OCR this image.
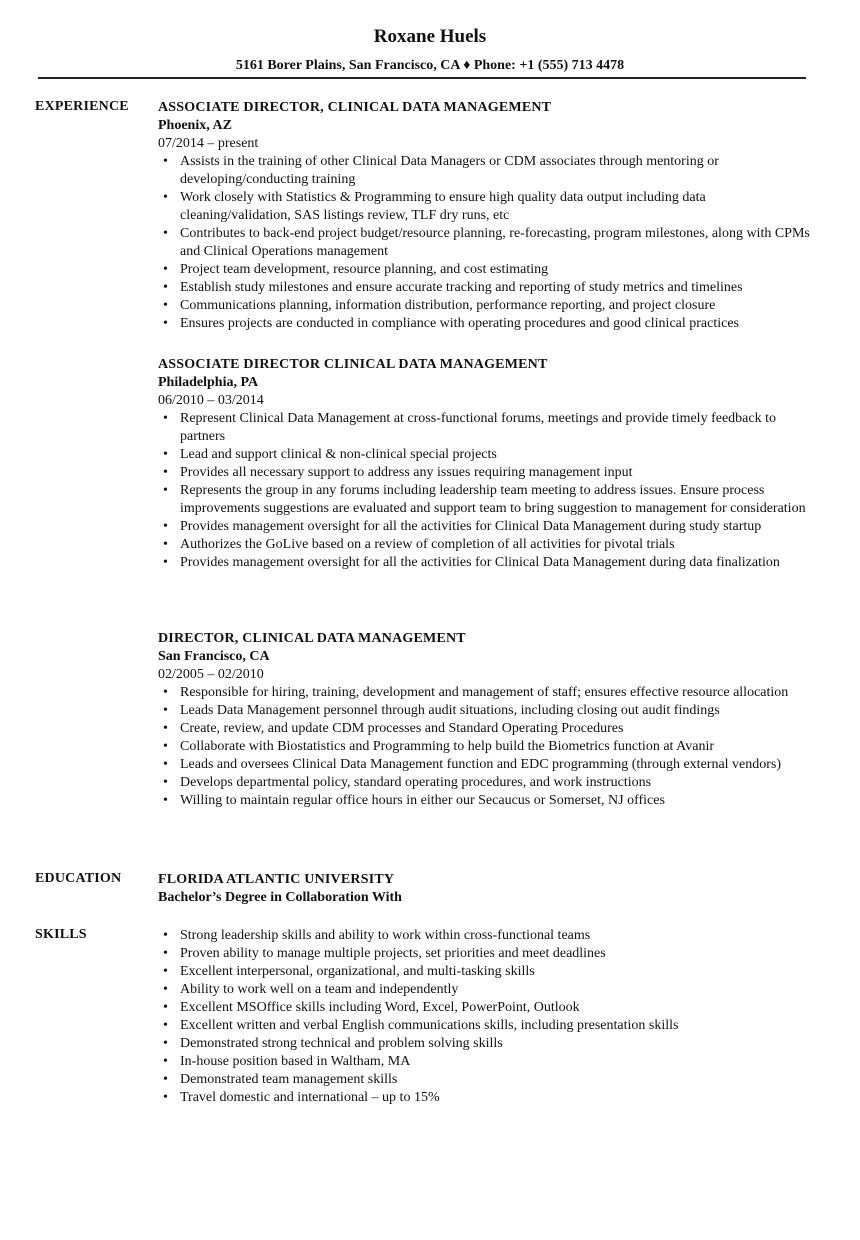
Roxane Huels
5161 Borer Plains, San Francisco, CA ♦ Phone: +1 (555) 713 4478
EXPERIENCE ASSOCIATE DIRECTOR, CLINICAL DATA MANAGEMENT
Phoenix, AZ
07/2014 – present
• Assists in the training of other Clinical Data Managers or CDM associates through mentoring or developing/conducting training
• Work closely with Statistics & Programming to ensure high quality data output including data cleaning/validation, SAS listings review, TLF dry runs, etc
• Contributes to back-end project budget/resource planning, re-forecasting, program milestones, along with CPMs and Clinical Operations management
• Project team development, resource planning, and cost estimating
• Establish study milestones and ensure accurate tracking and reporting of study metrics and timelines
• Communications planning, information distribution, performance reporting, and project closure
• Ensures projects are conducted in compliance with operating procedures and good clinical practices
ASSOCIATE DIRECTOR CLINICAL DATA MANAGEMENT
Philadelphia, PA
06/2010 – 03/2014
• Represent Clinical Data Management at cross-functional forums, meetings and provide timely feedback to partners
• Lead and support clinical & non-clinical special projects
• Provides all necessary support to address any issues requiring management input
• Represents the group in any forums including leadership team meeting to address issues. Ensure process improvements suggestions are evaluated and support team to bring suggestion to management for consideration
• Provides management oversight for all the activities for Clinical Data Management during study startup
• Authorizes the GoLive based on a review of completion of all activities for pivotal trials
• Provides management oversight for all the activities for Clinical Data Management during data finalization
DIRECTOR, CLINICAL DATA MANAGEMENT
San Francisco, CA
02/2005 – 02/2010
• Responsible for hiring, training, development and management of staff; ensures effective resource allocation
• Leads Data Management personnel through audit situations, including closing out audit findings
• Create, review, and update CDM processes and Standard Operating Procedures
• Collaborate with Biostatistics and Programming to help build the Biometrics function at Avanir
• Leads and oversees Clinical Data Management function and EDC programming (through external vendors)
• Develops departmental policy, standard operating procedures, and work instructions
• Willing to maintain regular office hours in either our Secaucus or Somerset, NJ offices
EDUCATION	FLORIDA ATLANTIC UNIVERSITY
Bachelor’s Degree in Collaboration With
SKILLS	• Strong leadership skills and ability to work within cross-functional teams
• Proven ability to manage multiple projects, set priorities and meet deadlines
• Excellent interpersonal, organizational, and multi-tasking skills
• Ability to work well on a team and independently
• Excellent MSOffice skills including Word, Excel, PowerPoint, Outlook
• Excellent written and verbal English communications skills, including presentation skills
• Demonstrated strong technical and problem solving skills
• In-house position based in Waltham, MA
• Demonstrated team management skills
• Travel domestic and international – up to 15%
